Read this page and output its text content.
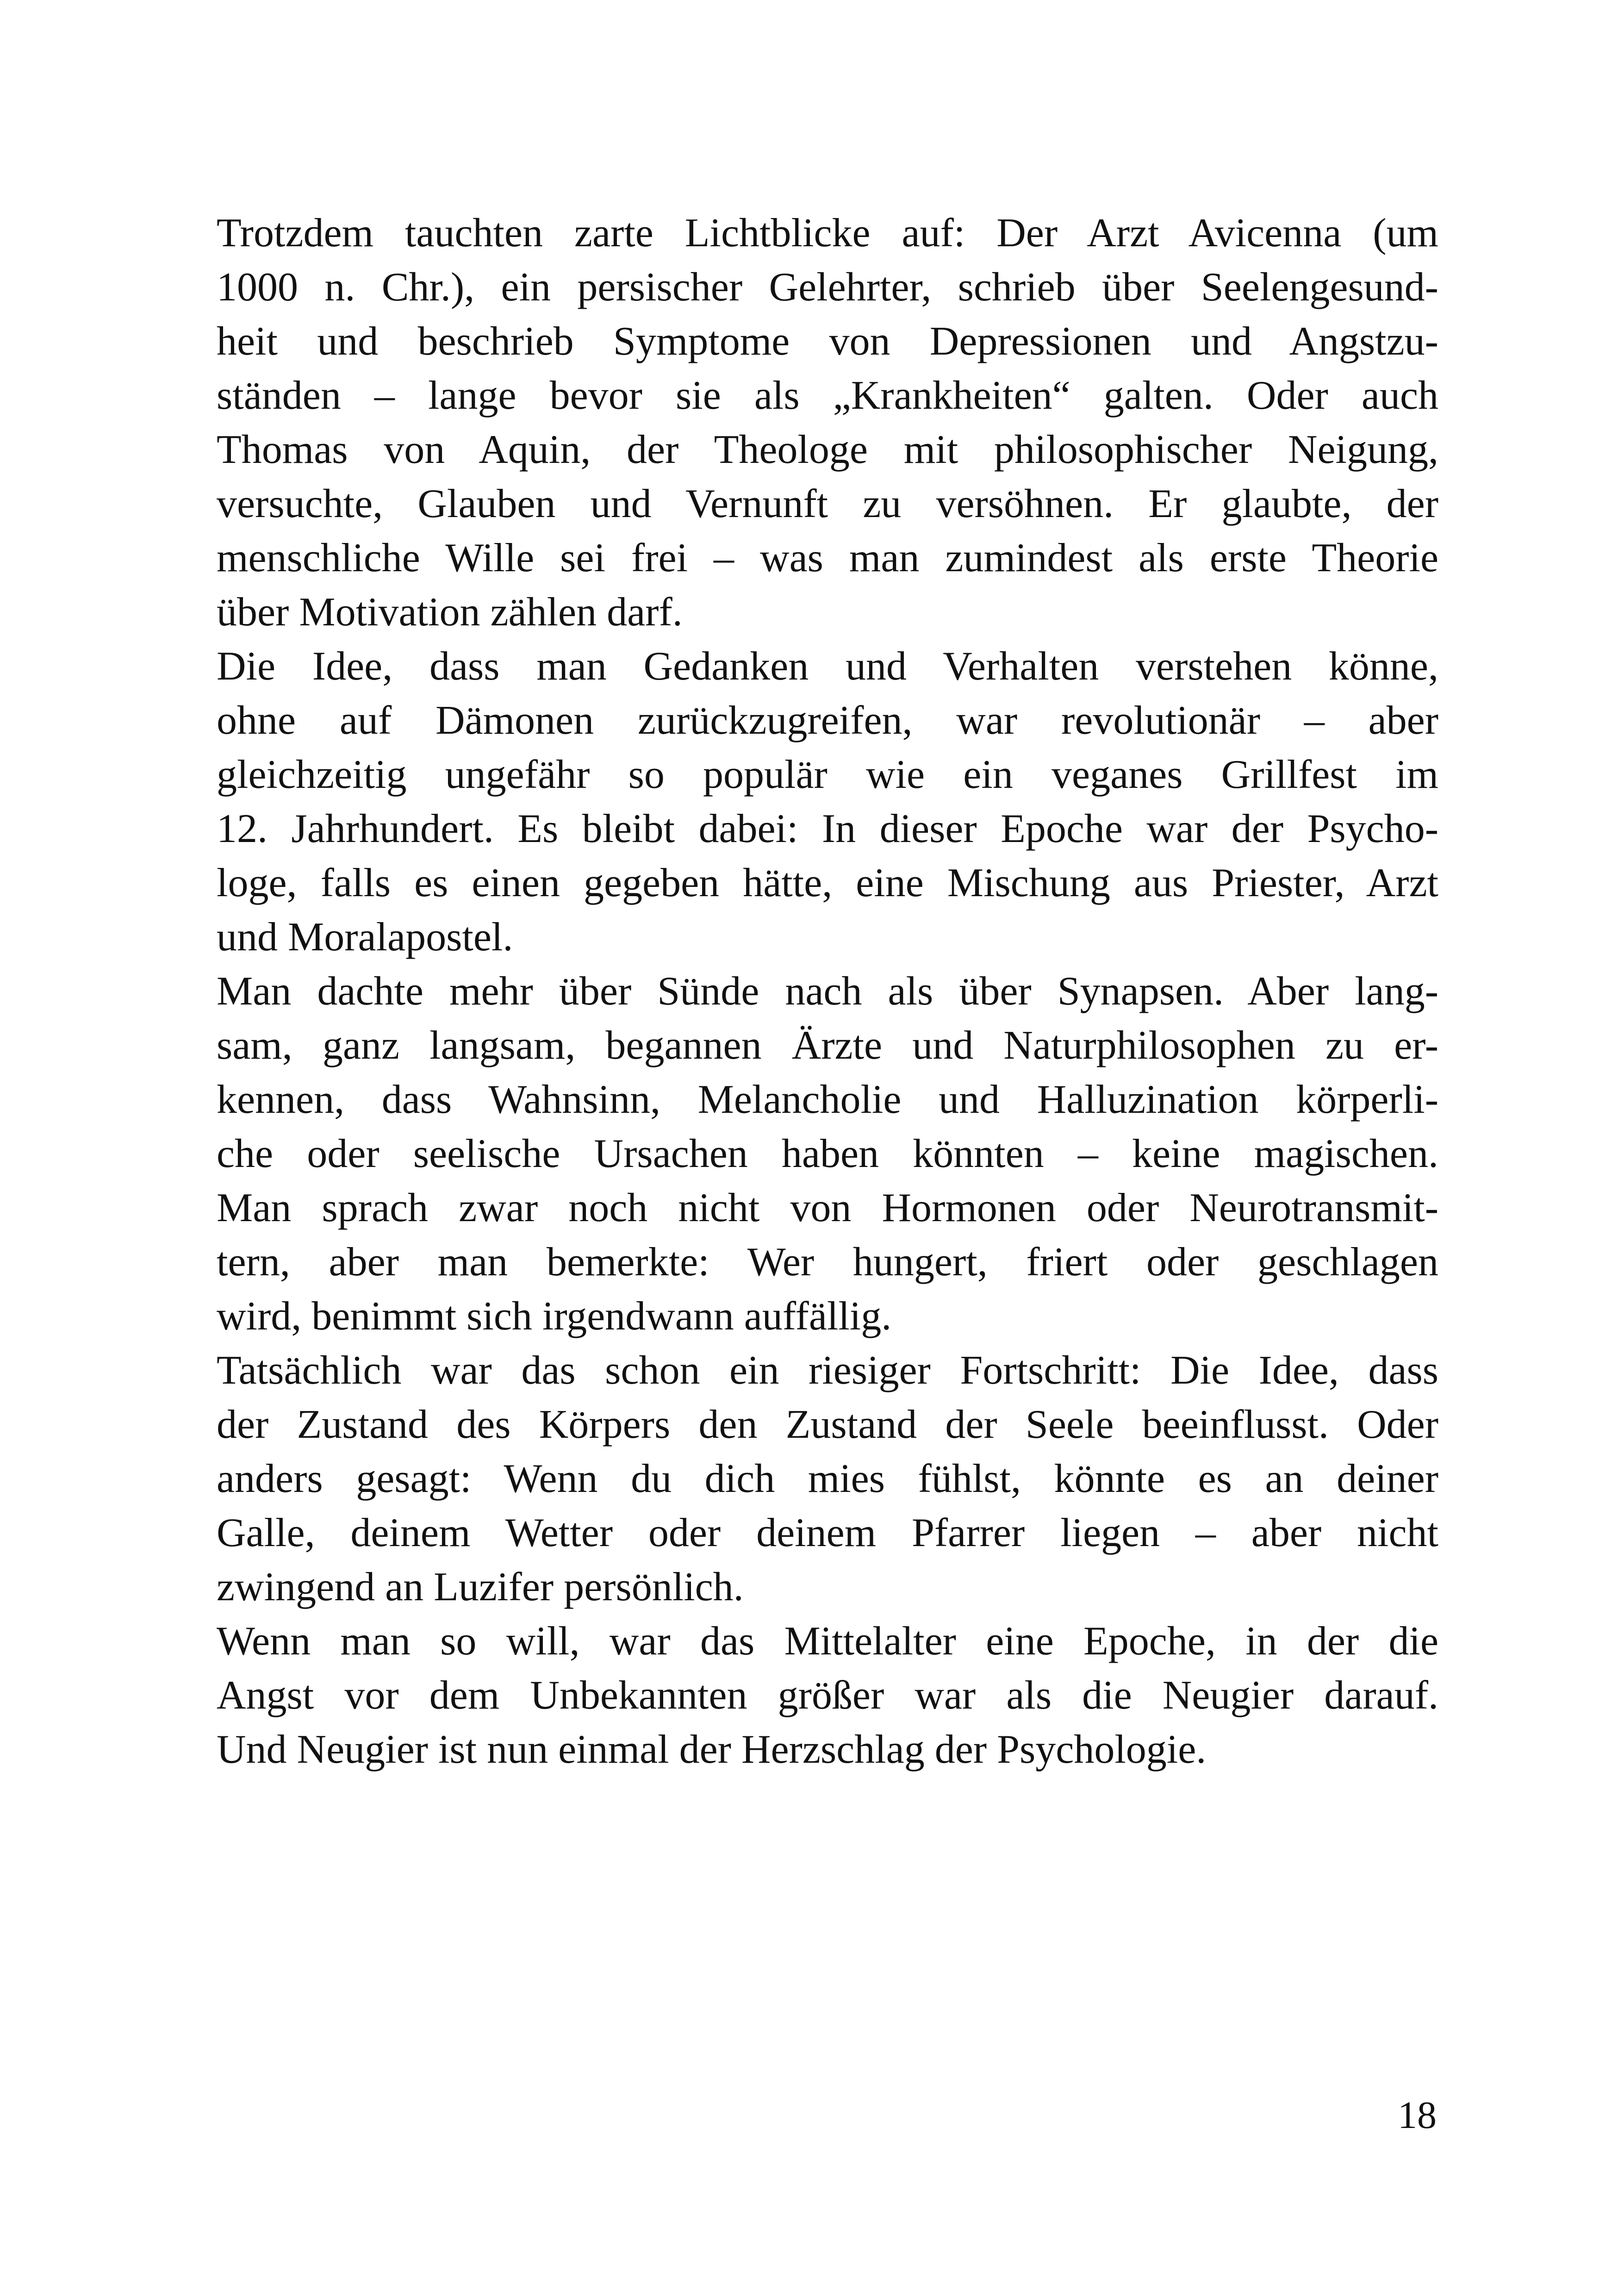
Trotzdem tauchten zarte Lichtblicke auf: Der Arzt Avicenna (um
1000 n. Chr.), ein persischer Gelehrter, schrieb über Seelengesund-
heit und beschrieb Symptome von Depressionen und Angstzu-
ständen – lange bevor sie als „Krankheiten“ galten. Oder auch
Thomas von Aquin, der Theologe mit philosophischer Neigung,
versuchte, Glauben und Vernunft zu versöhnen. Er glaubte, der
menschliche Wille sei frei – was man zumindest als erste Theorie
über Motivation zählen darf.
Die Idee, dass man Gedanken und Verhalten verstehen könne,
ohne auf Dämonen zurückzugreifen, war revolutionär – aber
gleichzeitig ungefähr so populär wie ein veganes Grillfest im
12. Jahrhundert. Es bleibt dabei: In dieser Epoche war der Psycho-
loge, falls es einen gegeben hätte, eine Mischung aus Priester, Arzt
und Moralapostel.
Man dachte mehr über Sünde nach als über Synapsen. Aber lang-
sam, ganz langsam, begannen Ärzte und Naturphilosophen zu er-
kennen, dass Wahnsinn, Melancholie und Halluzination körperli-
che oder seelische Ursachen haben könnten – keine magischen.
Man sprach zwar noch nicht von Hormonen oder Neurotransmit-
tern, aber man bemerkte: Wer hungert, friert oder geschlagen
wird, benimmt sich irgendwann auffällig.
Tatsächlich war das schon ein riesiger Fortschritt: Die Idee, dass
der Zustand des Körpers den Zustand der Seele beeinflusst. Oder
anders gesagt: Wenn du dich mies fühlst, könnte es an deiner
Galle, deinem Wetter oder deinem Pfarrer liegen – aber nicht
zwingend an Luzifer persönlich.
Wenn man so will, war das Mittelalter eine Epoche, in der die
Angst vor dem Unbekannten größer war als die Neugier darauf.
Und Neugier ist nun einmal der Herzschlag der Psychologie.
18
